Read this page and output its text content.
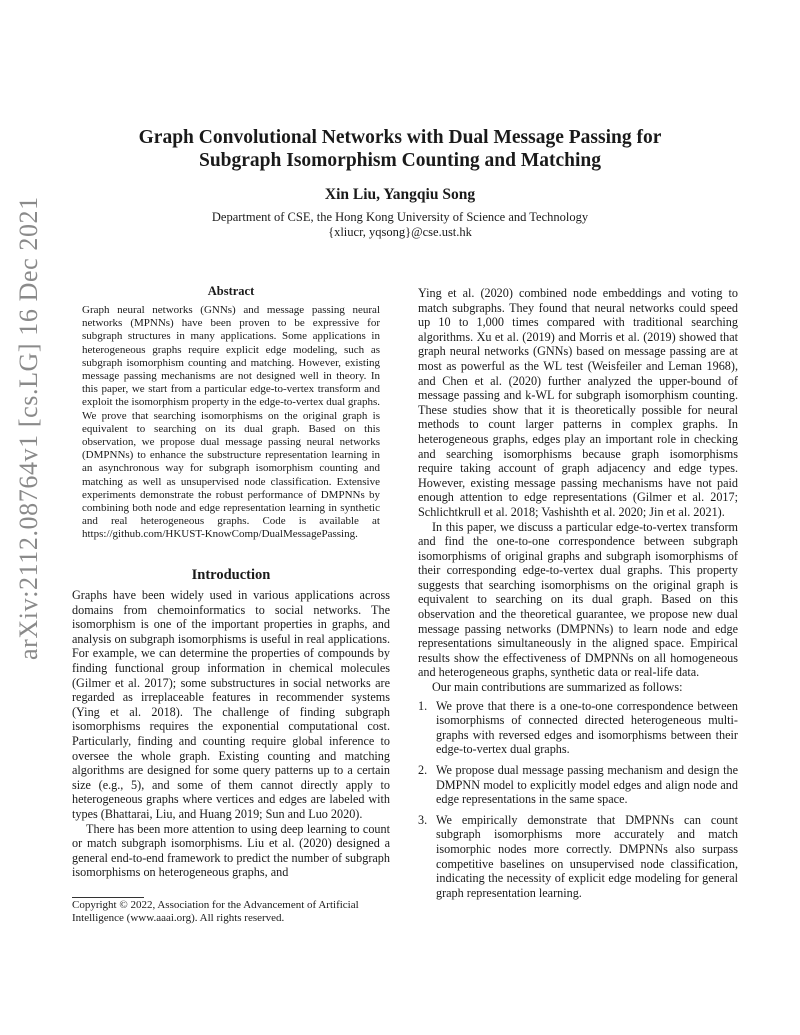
arXiv:2112.08764v1 [cs.LG] 16 Dec 2021
Graph Convolutional Networks with Dual Message Passing for
Subgraph Isomorphism Counting and Matching
Xin Liu, Yangqiu Song
Department of CSE, the Hong Kong University of Science and Technology
{xliucr, yqsong}@cse.ust.hk
Abstract
Graph neural networks (GNNs) and message passing neural networks (MPNNs) have been proven to be expressive for subgraph structures in many applications. Some applications in heterogeneous graphs require explicit edge modeling, such as subgraph isomorphism counting and matching. However, existing message passing mechanisms are not designed well in theory. In this paper, we start from a particular edge-to-vertex transform and exploit the isomorphism property in the edge-to-vertex dual graphs. We prove that searching isomorphisms on the original graph is equivalent to searching on its dual graph. Based on this observation, we propose dual message passing neural networks (DMPNNs) to enhance the substructure representation learning in an asynchronous way for subgraph isomorphism counting and matching as well as unsupervised node classification. Extensive experiments demonstrate the robust performance of DMPNNs by combining both node and edge representation learning in synthetic and real heterogeneous graphs. Code is available at https://github.com/HKUST-KnowComp/DualMessagePassing.
Introduction

Graphs have been widely used in various applications across domains from chemoinformatics to social networks. The isomorphism is one of the important properties in graphs, and analysis on subgraph isomorphisms is useful in real applications. For example, we can determine the properties of compounds by finding functional group information in chemical molecules (Gilmer et al. 2017); some substructures in social networks are regarded as irreplaceable features in recommender systems (Ying et al. 2018). The challenge of finding subgraph isomorphisms requires the exponential computational cost. Particularly, finding and counting require global inference to oversee the whole graph. Existing counting and matching algorithms are designed for some query patterns up to a certain size (e.g., 5), and some of them cannot directly apply to heterogeneous graphs where vertices and edges are labeled with types (Bhattarai, Liu, and Huang 2019; Sun and Luo 2020).

There has been more attention to using deep learning to count or match subgraph isomorphisms. Liu et al. (2020) designed a general end-to-end framework to predict the number of subgraph isomorphisms on heterogeneous graphs, and

Copyright © 2022, Association for the Advancement of Artificial Intelligence (www.aaai.org). All rights reserved.

Ying et al. (2020) combined node embeddings and voting to match subgraphs. They found that neural networks could speed up 10 to 1,000 times compared with traditional searching algorithms. Xu et al. (2019) and Morris et al. (2019) showed that graph neural networks (GNNs) based on message passing are at most as powerful as the WL test (Weisfeiler and Leman 1968), and Chen et al. (2020) further analyzed the upper-bound of message passing and k-WL for subgraph isomorphism counting. These studies show that it is theoretically possible for neural methods to count larger patterns in complex graphs. In heterogeneous graphs, edges play an important role in checking and searching isomorphisms because graph isomorphisms require taking account of graph adjacency and edge types. However, existing message passing mechanisms have not paid enough attention to edge representations (Gilmer et al. 2017; Schlichtkrull et al. 2018; Vashishth et al. 2020; Jin et al. 2021).

In this paper, we discuss a particular edge-to-vertex transform and find the one-to-one correspondence between subgraph isomorphisms of original graphs and subgraph isomorphisms of their corresponding edge-to-vertex dual graphs. This property suggests that searching isomorphisms on the original graph is equivalent to searching on its dual graph. Based on this observation and the theoretical guarantee, we propose new dual message passing networks (DMPNNs) to learn node and edge representations simultaneously in the aligned space. Empirical results show the effectiveness of DMPNNs on all homogeneous and heterogeneous graphs, synthetic data or real-life data.

Our main contributions are summarized as follows:

1. We prove that there is a one-to-one correspondence between isomorphisms of connected directed heterogeneous multi-graphs with reversed edges and isomorphisms between their edge-to-vertex dual graphs.
2. We propose dual message passing mechanism and design the DMPNN model to explicitly model edges and align node and edge representations in the same space.
3. We empirically demonstrate that DMPNNs can count subgraph isomorphisms more accurately and match isomorphic nodes more correctly. DMPNNs also surpass competitive baselines on unsupervised node classification, indicating the necessity of explicit edge modeling for general graph representation learning.
